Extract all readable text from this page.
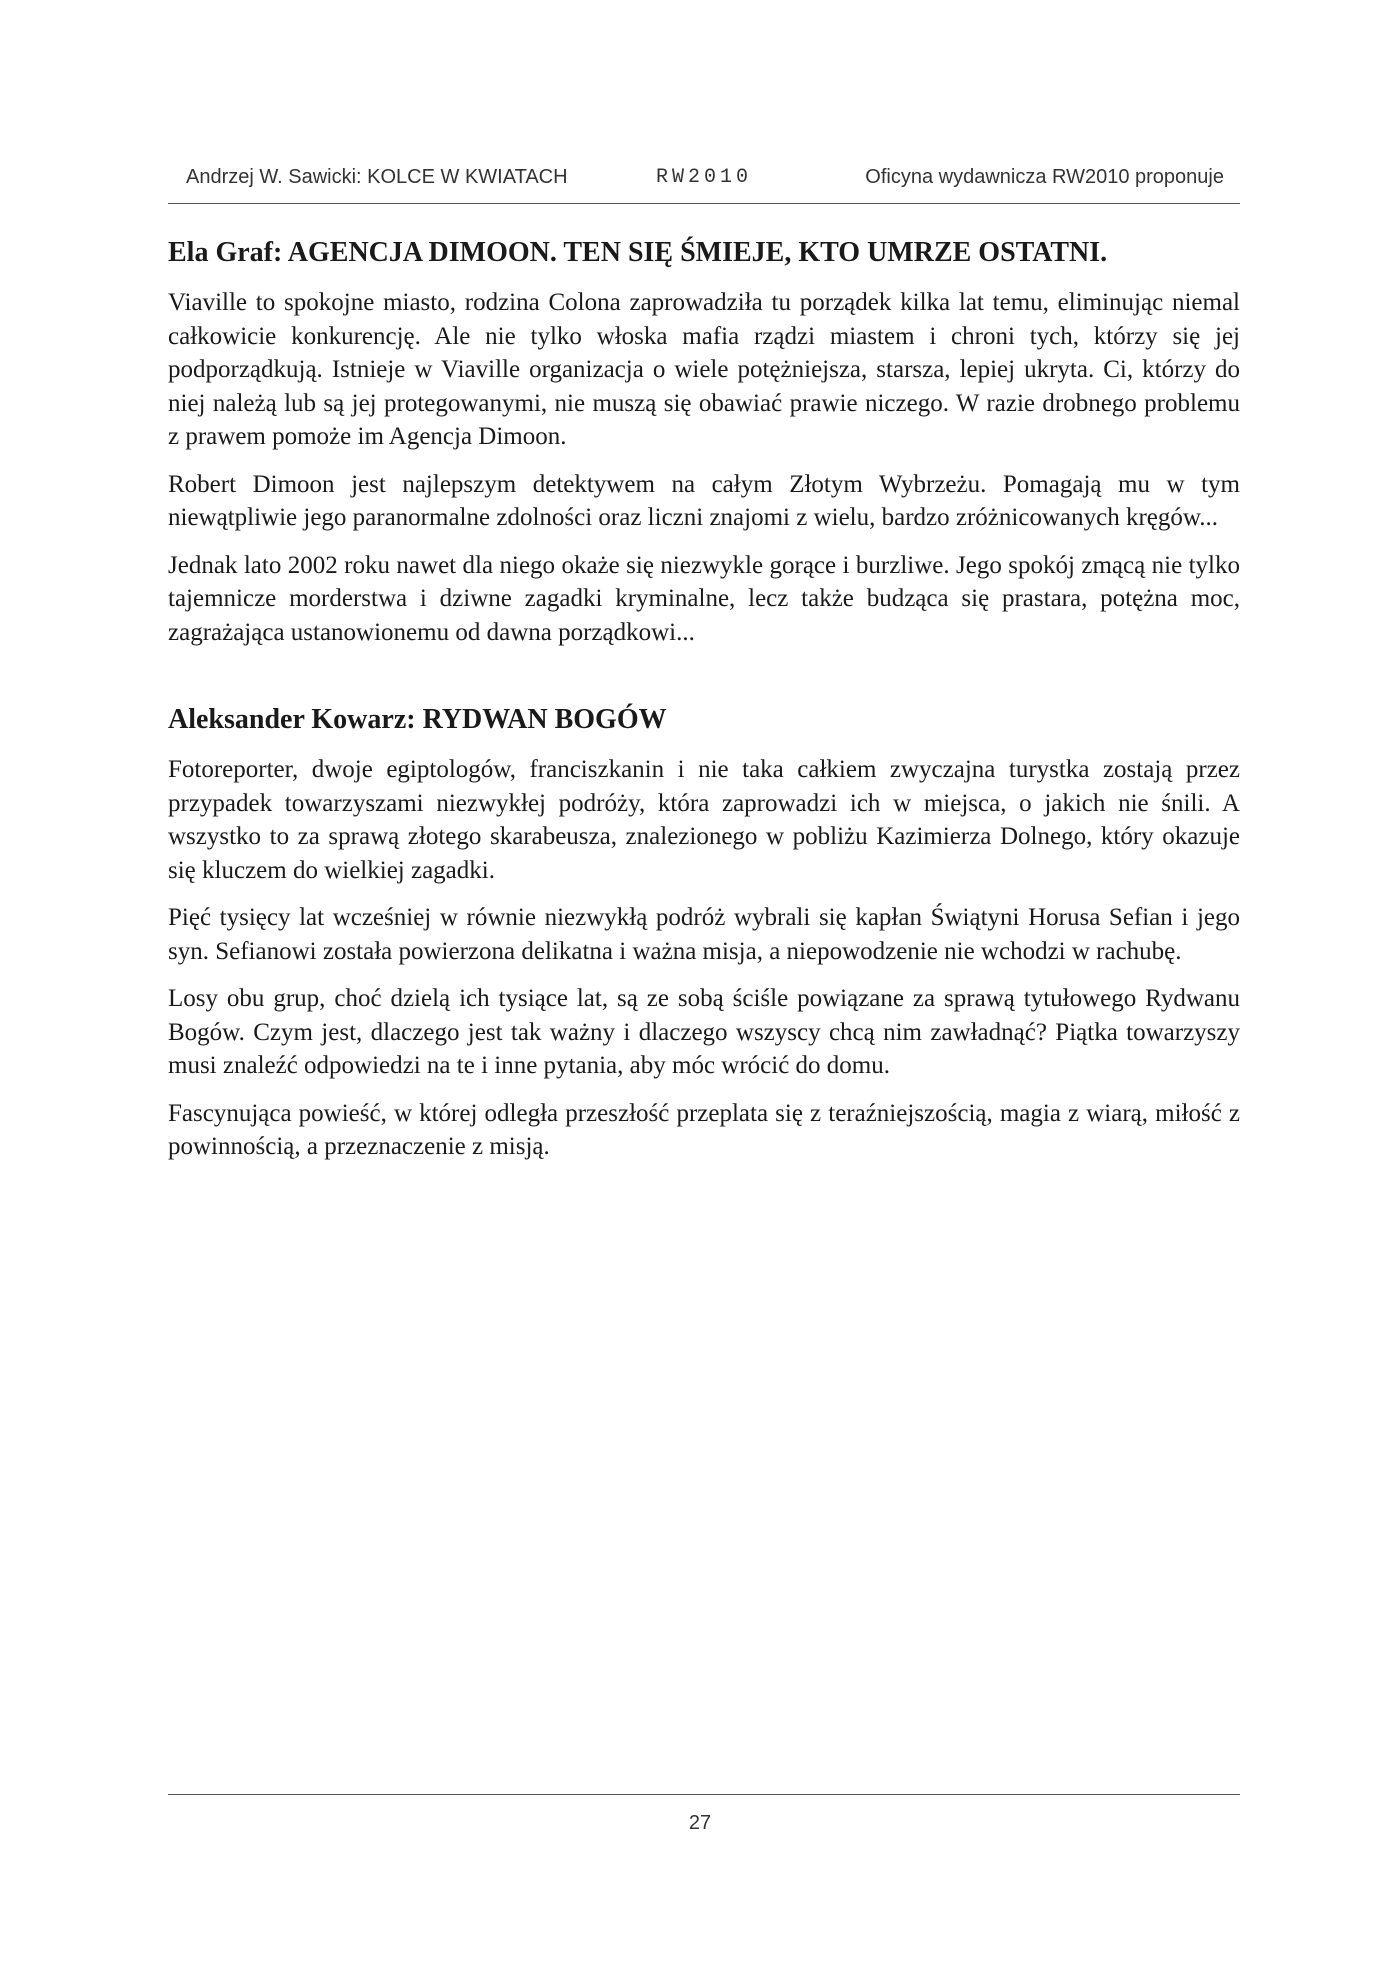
Andrzej W. Sawicki: KOLCE W KWIATACH	RW2010	Oficyna wydawnicza RW2010 proponuje
Ela Graf: AGENCJA DIMOON. TEN SIĘ ŚMIEJE, KTO UMRZE OSTATNI.

Viaville to spokojne miasto, rodzina Colona zaprowadziła tu porządek kilka lat temu, eliminując niemal całkowicie konkurencję. Ale nie tylko włoska mafia rządzi miastem i chroni tych, którzy się jej podporządkują. Istnieje w Viaville organizacja o wiele potężniejsza, starsza, lepiej ukryta. Ci, którzy do niej należą lub są jej protegowanymi, nie muszą się obawiać prawie niczego. W razie drobnego problemu z prawem pomoże im Agencja Dimoon.

Robert Dimoon jest najlepszym detektywem na całym Złotym Wybrzeżu. Pomagają mu w tym niewątpliwie jego paranormalne zdolności oraz liczni znajomi z wielu, bardzo zróżnicowanych kręgów...

Jednak lato 2002 roku nawet dla niego okaże się niezwykle gorące i burzliwe. Jego spokój zmącą nie tylko tajemnicze morderstwa i dziwne zagadki kryminalne, lecz także budząca się prastara, potężna moc, zagrażająca ustanowionemu od dawna porządkowi...

Aleksander Kowarz: RYDWAN BOGÓW

Fotoreporter, dwoje egiptologów, franciszkanin i nie taka całkiem zwyczajna turystka zostają przez przypadek towarzyszami niezwykłej podróży, która zaprowadzi ich w miejsca, o jakich nie śnili. A wszystko to za sprawą złotego skarabeusza, znalezionego w pobliżu Kazimierza Dolnego, który okazuje się kluczem do wielkiej zagadki.

Pięć tysięcy lat wcześniej w równie niezwykłą podróż wybrali się kapłan Świątyni Horusa Sefian i jego syn. Sefianowi została powierzona delikatna i ważna misja, a niepowodzenie nie wchodzi w rachubę.

Losy obu grup, choć dzielą ich tysiące lat, są ze sobą ściśle powiązane za sprawą tytułowego Rydwanu Bogów. Czym jest, dlaczego jest tak ważny i dlaczego wszyscy chcą nim zawładnąć? Piątka towarzyszy musi znaleźć odpowiedzi na te i inne pytania, aby móc wrócić do domu.

Fascynująca powieść, w której odległa przeszłość przeplata się z teraźniejszością, magia z wiarą, miłość z powinnością, a przeznaczenie z misją.

27
